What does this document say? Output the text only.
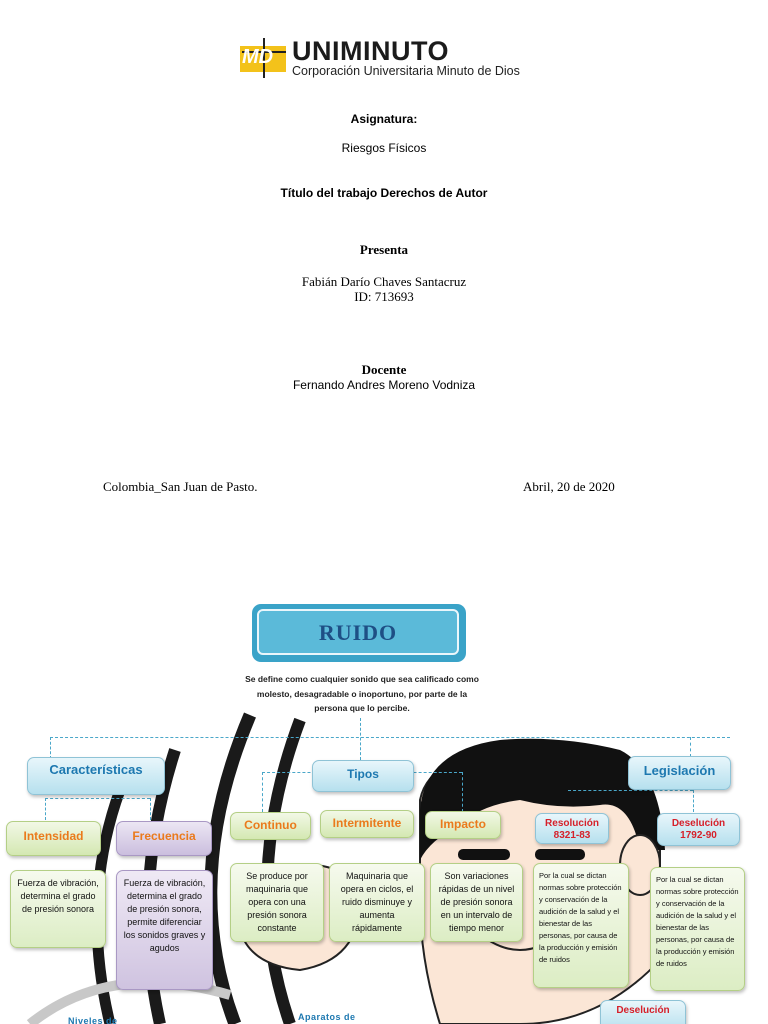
MD UNIMINUTO
Corporación Universitaria Minuto de Dios
Asignatura:
Riesgos Físicos
Título del trabajo Derechos de Autor
Presenta
Fabián Darío Chaves Santacruz
ID: 713693
Docente
Fernando Andres Moreno Vodniza
Colombia_San Juan de Pasto.	Abril, 20 de 2020
RUIDO
Se define como cualquier sonido que sea calificado como molesto, desagradable o inoportuno, por parte de la persona que lo percibe.
Características	Tipos	Legislación
Intensidad	Frecuencia
Fuerza de vibración, determina el grado de presión sonora
Fuerza de vibración, determina el grado de presión sonora, permite diferenciar los sonidos graves y agudos
Continuo	Intermitente	Impacto
Se produce por maquinaria que opera con una presión sonora constante
Maquinaria que opera en ciclos, el ruido disminuye y aumenta rápidamente
Son variaciones rápidas de un nivel de presión sonora en un intervalo de tiempo menor
Resolución 8321-83
Deselución 1792-90
Por la cual se dictan normas sobre protección y conservación de la audición de la salud y el bienestar de las personas, por causa de la producción y emisión de ruidos
Por la cual se dictan normas sobre protección y conservación de la audición de la salud y el bienestar de las personas, por causa de la producción y emisión de ruidos
Deselución
Niveles de	Aparatos de
